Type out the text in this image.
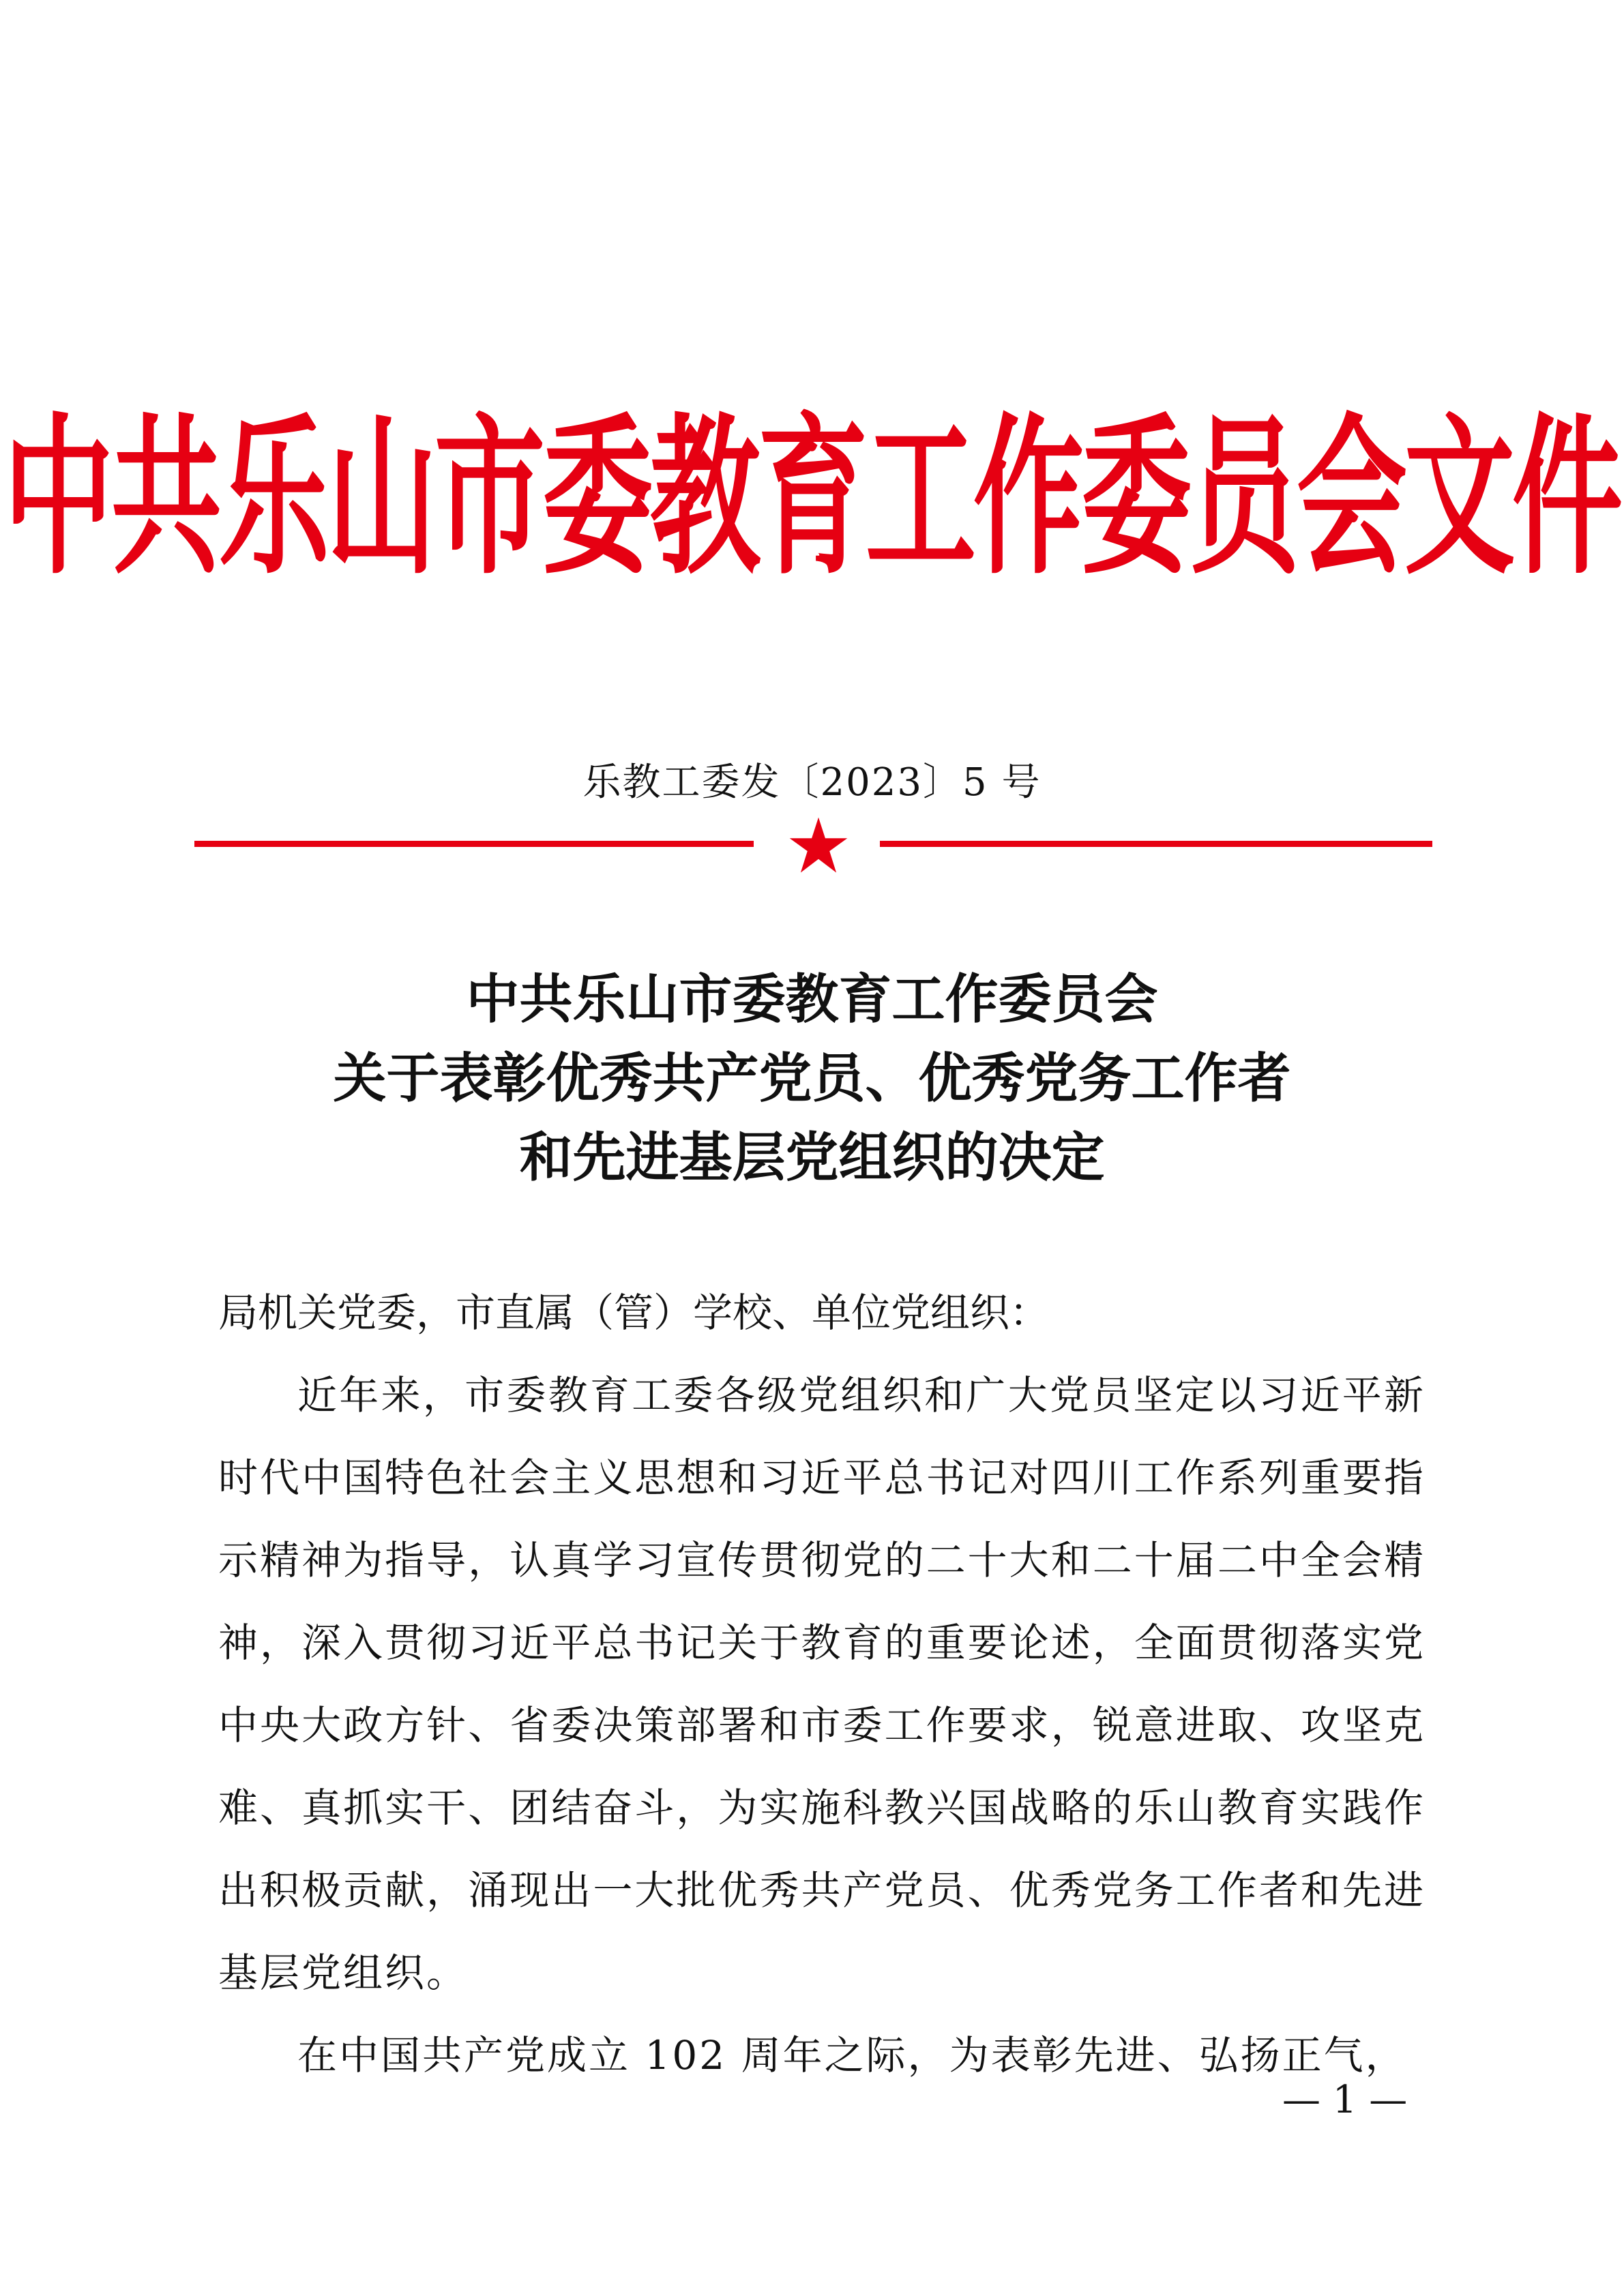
中共乐山市委教育工作委员会文件
乐教工委发〔2023〕5 号
中共乐山市委教育工作委员会
关于表彰优秀共产党员、优秀党务工作者
和先进基层党组织的决定

局机关党委，市直属（管）学校、单位党组织：

近年来，市委教育工委各级党组织和广大党员坚定以习近平新时代中国特色社会主义思想和习近平总书记对四川工作系列重要指示精神为指导，认真学习宣传贯彻党的二十大和二十届二中全会精神，深入贯彻习近平总书记关于教育的重要论述，全面贯彻落实党中央大政方针、省委决策部署和市委工作要求，锐意进取、攻坚克难、真抓实干、团结奋斗，为实施科教兴国战略的乐山教育实践作出积极贡献，涌现出一大批优秀共产党员、优秀党务工作者和先进基层党组织。

在中国共产党成立 102 周年之际，为表彰先进、弘扬正气，

— 1 —
